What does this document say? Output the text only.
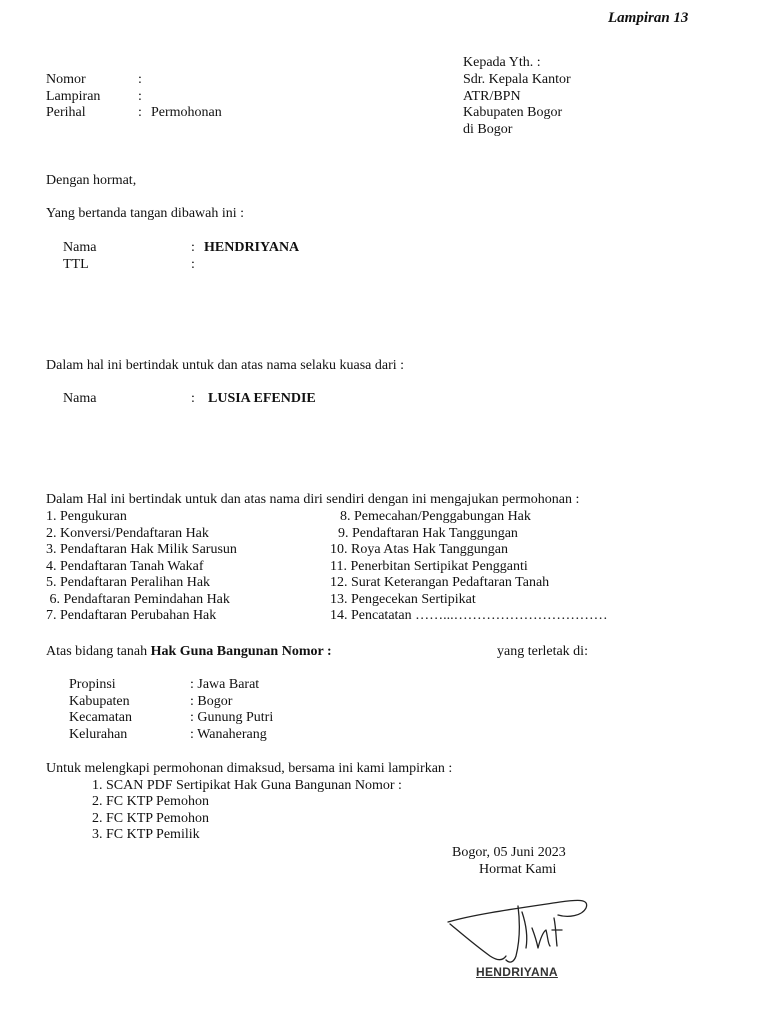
Lampiran 13
Kepada Yth. :
Sdr. Kepala Kantor
ATR/BPN
Kabupaten Bogor
di Bogor
Nomor	:
Lampiran	:
Perihal	: Permohonan
Dengan hormat,
Yang bertanda tangan dibawah ini :
Nama	: HENDRIYANA
TTL	:
Dalam hal ini bertindak untuk dan atas nama selaku kuasa dari :
Nama	: LUSIA EFENDIE
Dalam Hal ini bertindak untuk dan atas nama diri sendiri dengan ini mengajukan permohonan :
1. Pengukuran
2. Konversi/Pendaftaran Hak
3. Pendaftaran Hak Milik Sarusun
4. Pendaftaran Tanah Wakaf
5. Pendaftaran Peralihan Hak
6. Pendaftaran Pemindahan Hak
7. Pendaftaran Perubahan Hak
8. Pemecahan/Penggabungan Hak
9. Pendaftaran Hak Tanggungan
10. Roya Atas Hak Tanggungan
11. Penerbitan Sertipikat Pengganti
12. Surat Keterangan Pedaftaran Tanah
13. Pengecekan Sertipikat
14. Pencatatan ……...……………………………
Atas bidang tanah Hak Guna Bangunan Nomor :	yang terletak di:
Propinsi	: Jawa Barat
Kabupaten	: Bogor
Kecamatan	: Gunung Putri
Kelurahan	: Wanaherang
Untuk melengkapi permohonan dimaksud, bersama ini kami lampirkan :
1. SCAN PDF Sertipikat Hak Guna Bangunan Nomor :
2. FC KTP Pemohon
2. FC KTP Pemohon
3. FC KTP Pemilik
Bogor, 05 Juni 2023
Hormat Kami
HENDRIYANA
